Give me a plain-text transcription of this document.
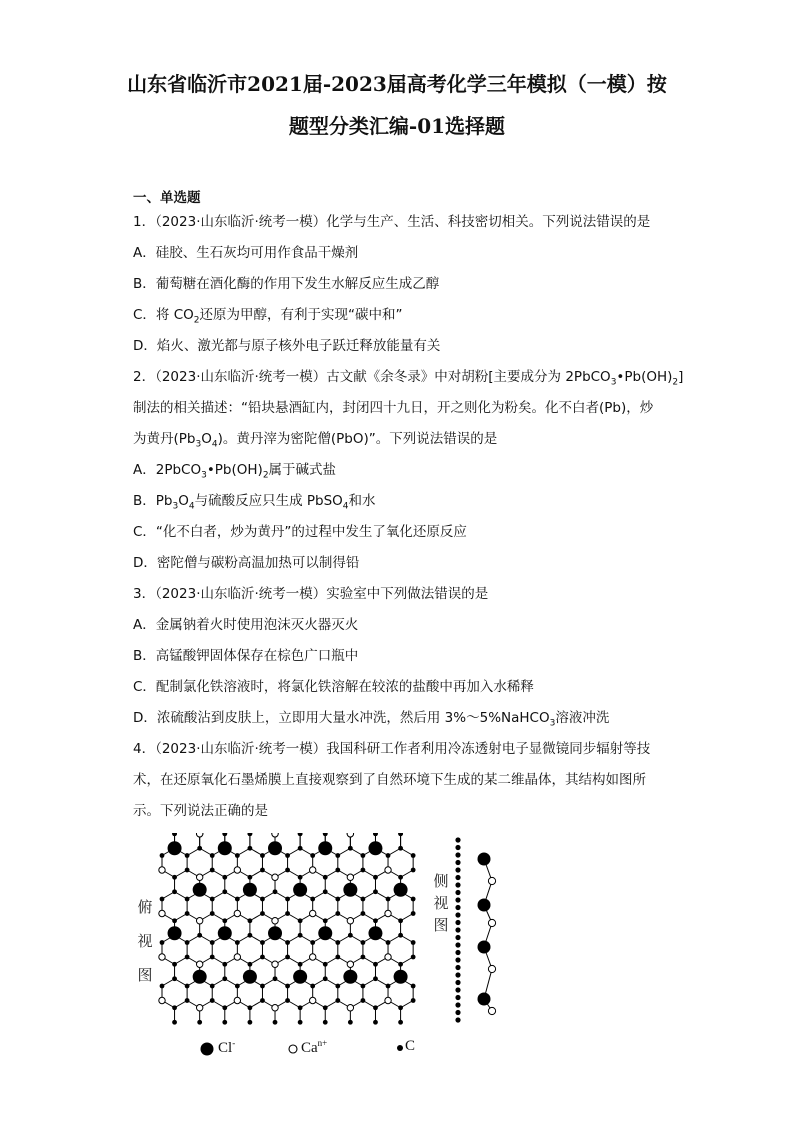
山东省临沂市2021届-2023届高考化学三年模拟（一模）按
题型分类汇编-01选择题
一、单选题
1．（2023·山东临沂·统考一模）化学与生产、生活、科技密切相关。下列说法错误的是
A．硅胶、生石灰均可用作食品干燥剂
B．葡萄糖在酒化酶的作用下发生水解反应生成乙醇
C．将 $CO_2$还原为甲醇，有利于实现“碳中和”
D．焰火、激光都与原子核外电子跃迁释放能量有关
2．（2023·山东临沂·统考一模）古文献《余冬录》中对胡粉[主要成分为 $2PbCO_3•Pb(OH)_2$]
制法的相关描述：“铅块悬酒缸内，封闭四十九日，开之则化为粉矣。化不白者(Pb)，炒
为黄丹$(Pb_3O_4)$。黄丹滓为密陀僧(PbO)”。下列说法错误的是
A．$2PbCO_3•Pb(OH)_2$属于碱式盐
B．$Pb_3O_4$与硫酸反应只生成 PbSO$_4$和水
C．“化不白者，炒为黄丹”的过程中发生了氧化还原反应
D．密陀僧与碳粉高温加热可以制得铅
3．（2023·山东临沂·统考一模）实验室中下列做法错误的是
A．金属钠着火时使用泡沫灭火器灭火
B．高锰酸钾固体保存在棕色广口瓶中
C．配制氯化铁溶液时，将氯化铁溶解在较浓的盐酸中再加入水稀释
D．浓硫酸沾到皮肤上，立即用大量水冲洗，然后用 3%～5%NaHCO$_3$溶液冲洗
4．（2023·山东临沂·统考一模）我国科研工作者利用冷冻透射电子显微镜同步辐射等技
术，在还原氧化石墨烯膜上直接观察到了自然环境下生成的某二维晶体，其结构如图所
示。下列说法正确的是
俯
视
图
侧
视
图
Cl-	$Ca^{n+}$	C
